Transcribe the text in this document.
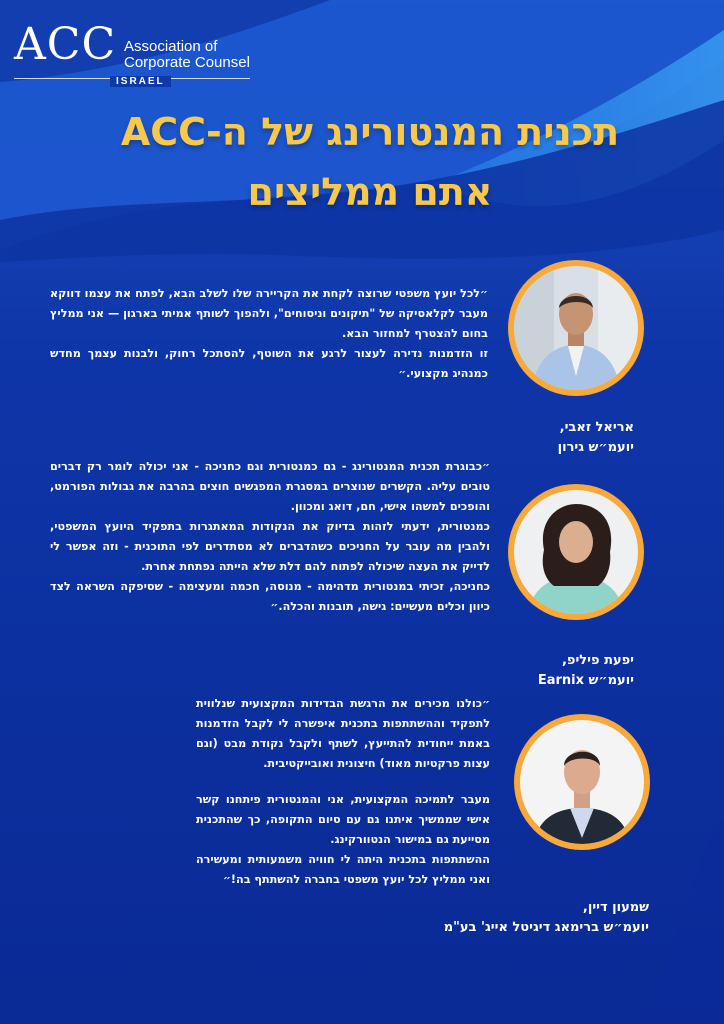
ACC Association of
Corporate Counsel
ISRAEL
תכנית המנטורינג של ה-ACC
אתם ממליצים

״לכל יועץ משפטי שרוצה לקחת את הקריירה שלו לשלב הבא, לפתח את עצמו דווקא מעבר לקלאסיקה של "תיקונים וניסוחים", ולהפוך לשותף אמיתי בארגון — אני ממליץ בחום להצטרף למחזור הבא.

זו הזדמנות נדירה לעצור לרגע את השוטף, להסתכל רחוק, ולבנות עצמך מחדש כמנהיג מקצועי.״

אריאל זאבי,
יועמ״ש גירון

״כבוגרת תכנית המנטורינג - גם כמנטורית וגם כחניכה - אני יכולה לומר רק דברים טובים עליה. הקשרים שנוצרים במסגרת המפגשים חוצים בהרבה את גבולות הפורמט, והופכים למשהו אישי, חם, דואג ומכוון.

כמנטורית, ידעתי לזהות בדיוק את הנקודות המאתגרות בתפקיד היועץ המשפטי, ולהבין מה עובר על החניכים כשהדברים לא מסתדרים לפי התוכנית - וזה אפשר לי לדייק את העצה שיכולה לפתוח להם דלת שלא הייתה נפתחת אחרת.

כחניכה, זכיתי במנטורית מדהימה - מנוסה, חכמה ומעצימה - שסיפקה השראה לצד כיוון וכלים מעשיים: גישה, תובנות והכלה.״

יפעת פיליפ,
יועמ״ש Earnix

״כולנו מכירים את הרגשת הבדידות המקצועית שנלווית לתפקיד וההשתתפות בתכנית איפשרה לי לקבל הזדמנות באמת ייחודית להתייעץ, לשתף ולקבל נקודת מבט (וגם עצות פרקטיות מאוד) חיצונית ואובייקטיבית.

מעבר לתמיכה המקצועית, אני והמנטורית פיתחנו קשר אישי שממשיך איתנו גם עם סיום התקופה, כך שהתכנית מסייעת גם במישור הנטוורקינג.

ההשתתפות בתכנית היתה לי חוויה משמעותית ומעשירה ואני ממליץ לכל יועץ משפטי בחברה להשתתף בה!״

שמעון דיין,
יועמ״ש ברימאג דיגיטל אייג' בע"מ
